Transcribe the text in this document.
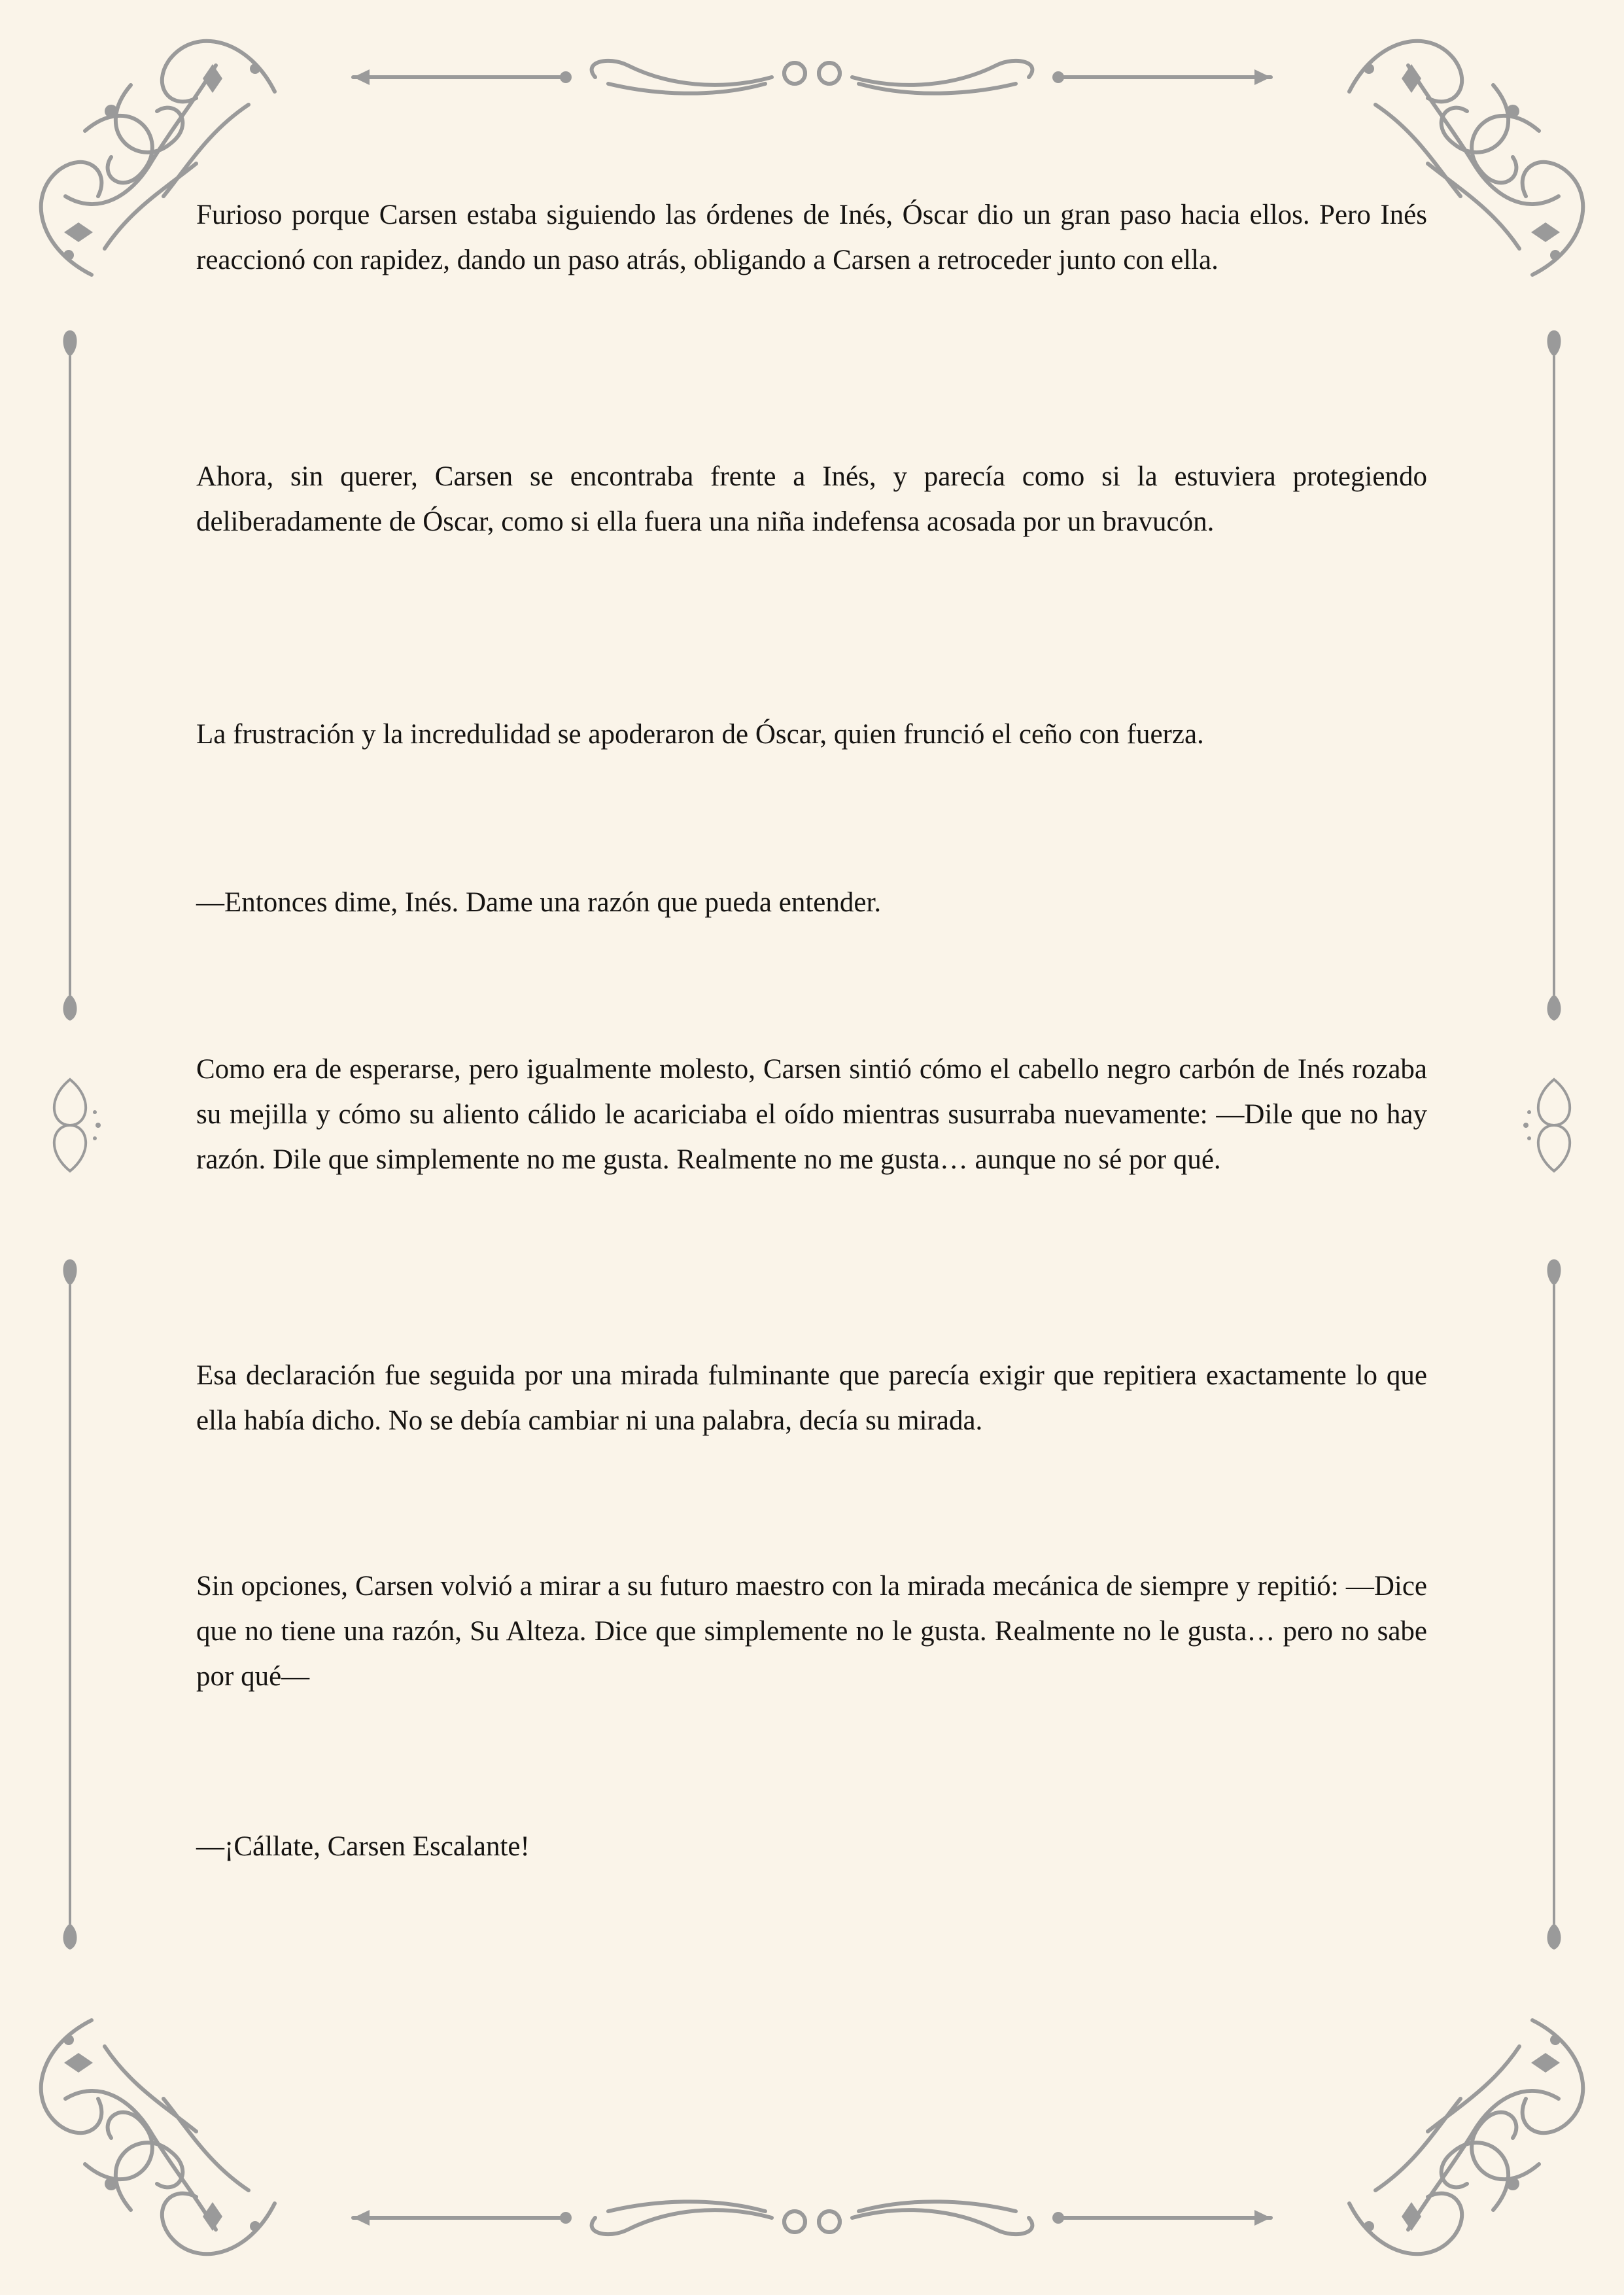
Furioso porque Carsen estaba siguiendo las órdenes de Inés, Óscar dio un gran paso hacia ellos. Pero Inés reaccionó con rapidez, dando un paso atrás, obligando a Carsen a retroceder junto con ella.

Ahora, sin querer, Carsen se encontraba frente a Inés, y parecía como si la estuviera protegiendo deliberadamente de Óscar, como si ella fuera una niña indefensa acosada por un bravucón.

La frustración y la incredulidad se apoderaron de Óscar, quien frunció el ceño con fuerza.

—Entonces dime, Inés. Dame una razón que pueda entender.

Como era de esperarse, pero igualmente molesto, Carsen sintió cómo el cabello negro carbón de Inés rozaba su mejilla y cómo su aliento cálido le acariciaba el oído mientras susurraba nuevamente: —Dile que no hay razón. Dile que simplemente no me gusta. Realmente no me gusta… aunque no sé por qué.

Esa declaración fue seguida por una mirada fulminante que parecía exigir que repitiera exactamente lo que ella había dicho. No se debía cambiar ni una palabra, decía su mirada.

Sin opciones, Carsen volvió a mirar a su futuro maestro con la mirada mecánica de siempre y repitió: —Dice que no tiene una razón, Su Alteza. Dice que simplemente no le gusta. Realmente no le gusta… pero no sabe por qué—

—¡Cállate, Carsen Escalante!
